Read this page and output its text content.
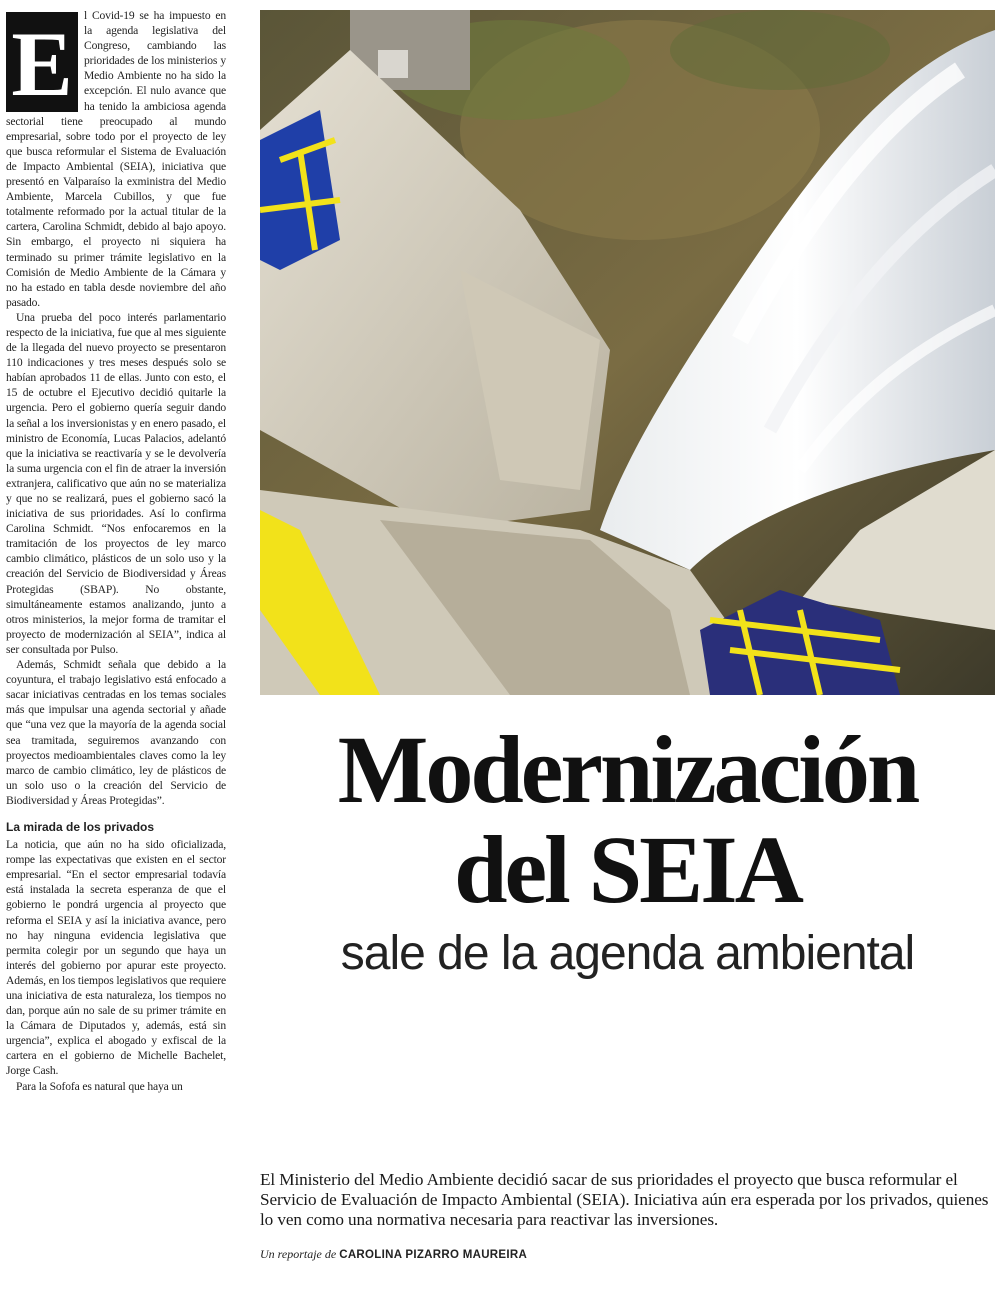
E l Covid-19 se ha impuesto en la agenda legislativa del Congreso, cambiando las prioridades de los ministerios y Medio Ambiente no ha sido la excepción. El nulo avance que ha tenido la ambiciosa agenda sectorial tiene preocupado al mundo empresarial, sobre todo por el proyecto de ley que busca reformular el Sistema de Evaluación de Impacto Ambiental (SEIA), iniciativa que presentó en Valparaíso la exministra del Medio Ambiente, Marcela Cubillos, y que fue totalmente reformado por la actual titular de la cartera, Carolina Schmidt, debido al bajo apoyo. Sin embargo, el proyecto ni siquiera ha terminado su primer trámite legislativo en la Comisión de Medio Ambiente de la Cámara y no ha estado en tabla desde noviembre del año pasado.

Una prueba del poco interés parlamentario respecto de la iniciativa, fue que al mes siguiente de la llegada del nuevo proyecto se presentaron 110 indicaciones y tres meses después solo se habían aprobados 11 de ellas. Junto con esto, el 15 de octubre el Ejecutivo decidió quitarle la urgencia. Pero el gobierno quería seguir dando la señal a los inversionistas y en enero pasado, el ministro de Economía, Lucas Palacios, adelantó que la iniciativa se reactivaría y se le devolvería la suma urgencia con el fin de atraer la inversión extranjera, calificativo que aún no se materializa y que no se realizará, pues el gobierno sacó la iniciativa de sus prioridades. Así lo confirma Carolina Schmidt. “Nos enfocaremos en la tramitación de los proyectos de ley marco cambio climático, plásticos de un solo uso y la creación del Servicio de Biodiversidad y Áreas Protegidas (SBAP). No obstante, simultáneamente estamos analizando, junto a otros ministerios, la mejor forma de tramitar el proyecto de modernización al SEIA”, indica al ser consultada por Pulso.

Además, Schmidt señala que debido a la coyuntura, el trabajo legislativo está enfocado a sacar iniciativas centradas en los temas sociales más que impulsar una agenda sectorial y añade que “una vez que la mayoría de la agenda social sea tramitada, seguiremos avanzando con proyectos medioambientales claves como la ley marco de cambio climático, ley de plásticos de un solo uso o la creación del Servicio de Biodiversidad y Áreas Protegidas”.

La mirada de los privados

La noticia, que aún no ha sido oficializada, rompe las expectativas que existen en el sector empresarial. “En el sector empresarial todavía está instalada la secreta esperanza de que el gobierno le pondrá urgencia al proyecto que reforma el SEIA y así la iniciativa avance, pero no hay ninguna evidencia legislativa que permita colegir por un segundo que haya un interés del gobierno por apurar este proyecto. Además, en los tiempos legislativos que requiere una iniciativa de esta naturaleza, los tiempos no dan, porque aún no sale de su primer trámite en la Cámara de Diputados y, además, está sin urgencia”, explica el abogado y exfiscal de la cartera en el gobierno de Michelle Bachelet, Jorge Cash.

Para la Sofofa es natural que haya un

Modernización
del SEIA
sale de la agenda ambiental

El Ministerio del Medio Ambiente decidió sacar de sus prioridades el proyecto que busca reformular el Servicio de Evaluación de Impacto Ambiental (SEIA). Iniciativa aún era esperada por los privados, quienes lo ven como una normativa necesaria para reactivar las inversiones.

Un reportaje de CAROLINA PIZARRO MAUREIRA
